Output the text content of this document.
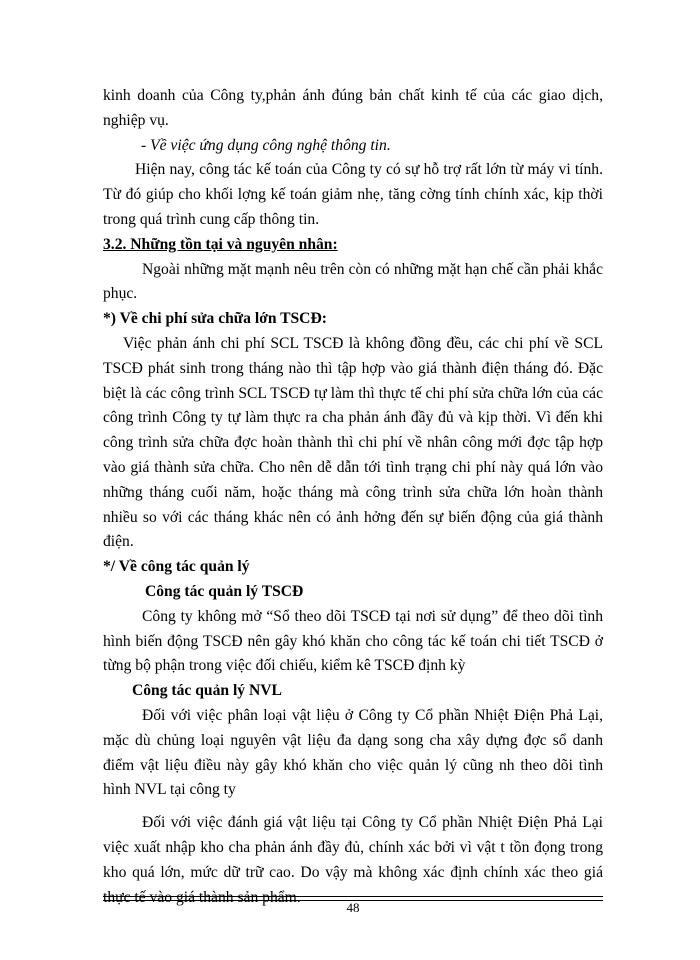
kinh doanh của Công ty,phản ánh đúng bản chất kinh tế của các giao dịch, nghiệp vụ.

- Về việc ứng dụng công nghệ thông tin.

Hiện nay, công tác kế toán của Công ty có sự hỗ trợ rất lớn từ máy vi tính. Từ đó giúp cho khối lợng kế toán giảm nhẹ, tăng cờng tính chính xác, kịp thời trong quá trình cung cấp thông tin.

3.2. Những tồn tại và nguyên nhân:

Ngoài những mặt mạnh nêu trên còn có những mặt hạn chế cần phải khắc phục.

*) Về chi phí sửa chữa lớn TSCĐ:

Việc phản ánh chi phí SCL TSCĐ là không đồng đều, các chi phí về SCL TSCĐ phát sinh trong tháng nào thì tập hợp vào giá thành điện tháng đó. Đặc biệt là các công trình SCL TSCĐ tự làm thì thực tế chi phí sửa chữa lớn của các công trình Công ty tự làm thực ra cha phản ánh đầy đủ và kịp thời. Vì đến khi công trình sửa chữa đợc hoàn thành thì chi phí về nhân công mới đợc tập hợp vào giá thành sửa chữa. Cho nên dễ dẫn tới tình trạng chi phí này quá lớn vào những tháng cuối năm, hoặc tháng mà công trình sửa chữa lớn hoàn thành nhiều so với các tháng khác nên có ảnh hởng đến sự biến động của giá thành điện.

*/ Về công tác quản lý
Công tác quản lý TSCĐ

Công ty không mở “Sổ theo dõi TSCĐ tại nơi sử dụng” để theo dõi tình hình biến động TSCĐ nên gây khó khăn cho công tác kế toán chi tiết TSCĐ ở từng bộ phận trong việc đối chiếu, kiểm kê TSCĐ định kỳ

Công tác quản lý NVL

Đối với việc phân loại vật liệu ở Công ty Cổ phần Nhiệt Điện Phả Lại, mặc dù chủng loại nguyên vật liệu đa dạng song cha xây dựng đợc sổ danh điểm vật liệu điều này gây khó khăn cho việc quản lý cũng nh theo dõi tình hình NVL tại công ty

Đối với việc đánh giá vật liệu tại Công ty Cổ phần Nhiệt Điện Phả Lại việc xuất nhập kho cha phản ánh đầy đủ, chính xác bởi vì vật t tồn đọng trong kho quá lớn, mức dữ trữ cao. Do vậy mà không xác định chính xác theo giá thực tế vào giá thành sản phẩm.

48
